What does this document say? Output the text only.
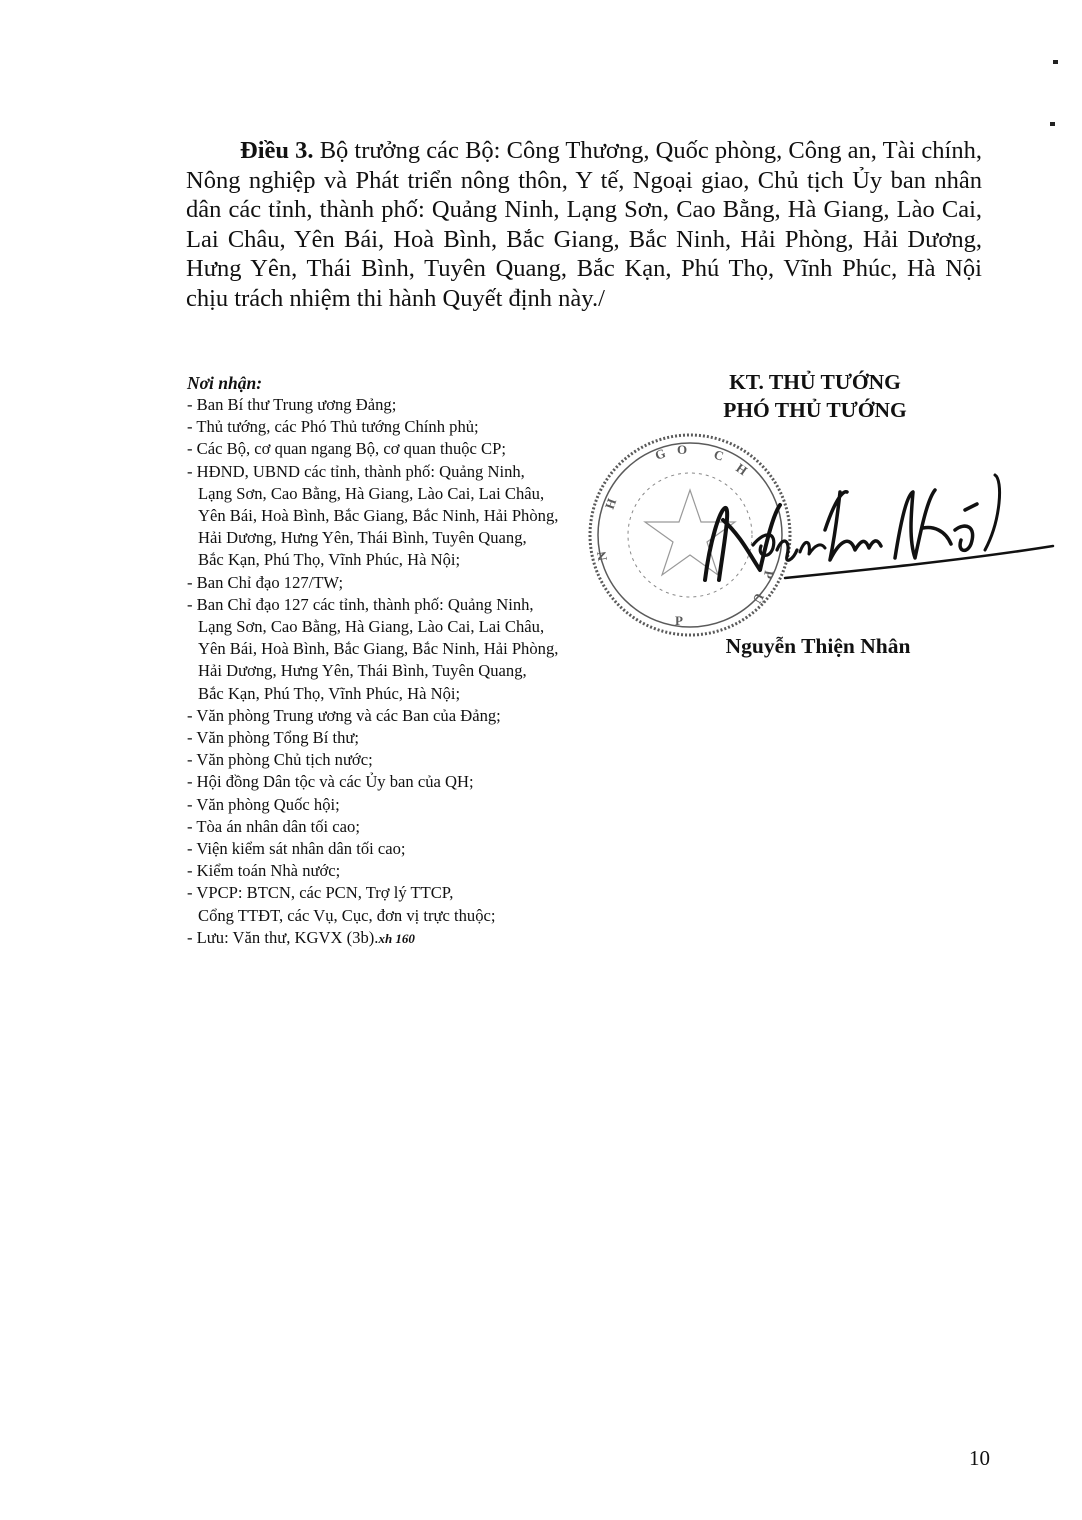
Điều 3. Bộ trưởng các Bộ: Công Thương, Quốc phòng, Công an, Tài chính, Nông nghiệp và Phát triển nông thôn, Y tế, Ngoại giao, Chủ tịch Ủy ban nhân dân các tỉnh, thành phố: Quảng Ninh, Lạng Sơn, Cao Bằng, Hà Giang, Lào Cai, Lai Châu, Yên Bái, Hoà Bình, Bắc Giang, Bắc Ninh, Hải Phòng, Hải Dương, Hưng Yên, Thái Bình, Tuyên Quang, Bắc Kạn, Phú Thọ, Vĩnh Phúc, Hà Nội chịu trách nhiệm thi hành Quyết định này./

Nơi nhận:
- Ban Bí thư Trung ương Đảng;
- Thủ tướng, các Phó Thủ tướng Chính phủ;
- Các Bộ, cơ quan ngang Bộ, cơ quan thuộc CP;
- HĐND, UBND các tỉnh, thành phố: Quảng Ninh,
Lạng Sơn, Cao Bằng, Hà Giang, Lào Cai, Lai Châu,
Yên Bái, Hoà Bình, Bắc Giang, Bắc Ninh, Hải Phòng,
Hải Dương, Hưng Yên, Thái Bình, Tuyên Quang,
Bắc Kạn, Phú Thọ, Vĩnh Phúc, Hà Nội;
- Ban Chỉ đạo 127/TW;
- Ban Chỉ đạo 127 các tỉnh, thành phố: Quảng Ninh,
Lạng Sơn, Cao Bằng, Hà Giang, Lào Cai, Lai Châu,
Yên Bái, Hoà Bình, Bắc Giang, Bắc Ninh, Hải Phòng,
Hải Dương, Hưng Yên, Thái Bình, Tuyên Quang,
Bắc Kạn, Phú Thọ, Vĩnh Phúc, Hà Nội;
- Văn phòng Trung ương và các Ban của Đảng;
- Văn phòng Tổng Bí thư;
- Văn phòng Chủ tịch nước;
- Hội đồng Dân tộc và các Ủy ban của QH;
- Văn phòng Quốc hội;
- Tòa án nhân dân tối cao;
- Viện kiểm sát nhân dân tối cao;
- Kiểm toán Nhà nước;
- VPCP: BTCN, các PCN, Trợ lý TTCP,
Cổng TTĐT, các Vụ, Cục, đơn vị trực thuộc;
- Lưu: Văn thư, KGVX (3b).xh 160
KT. THỦ TƯỚNG
PHÓ THỦ TƯỚNG
G O C
H
P
Ủ
H
N
P
Nguyễn Thiện Nhân
10
